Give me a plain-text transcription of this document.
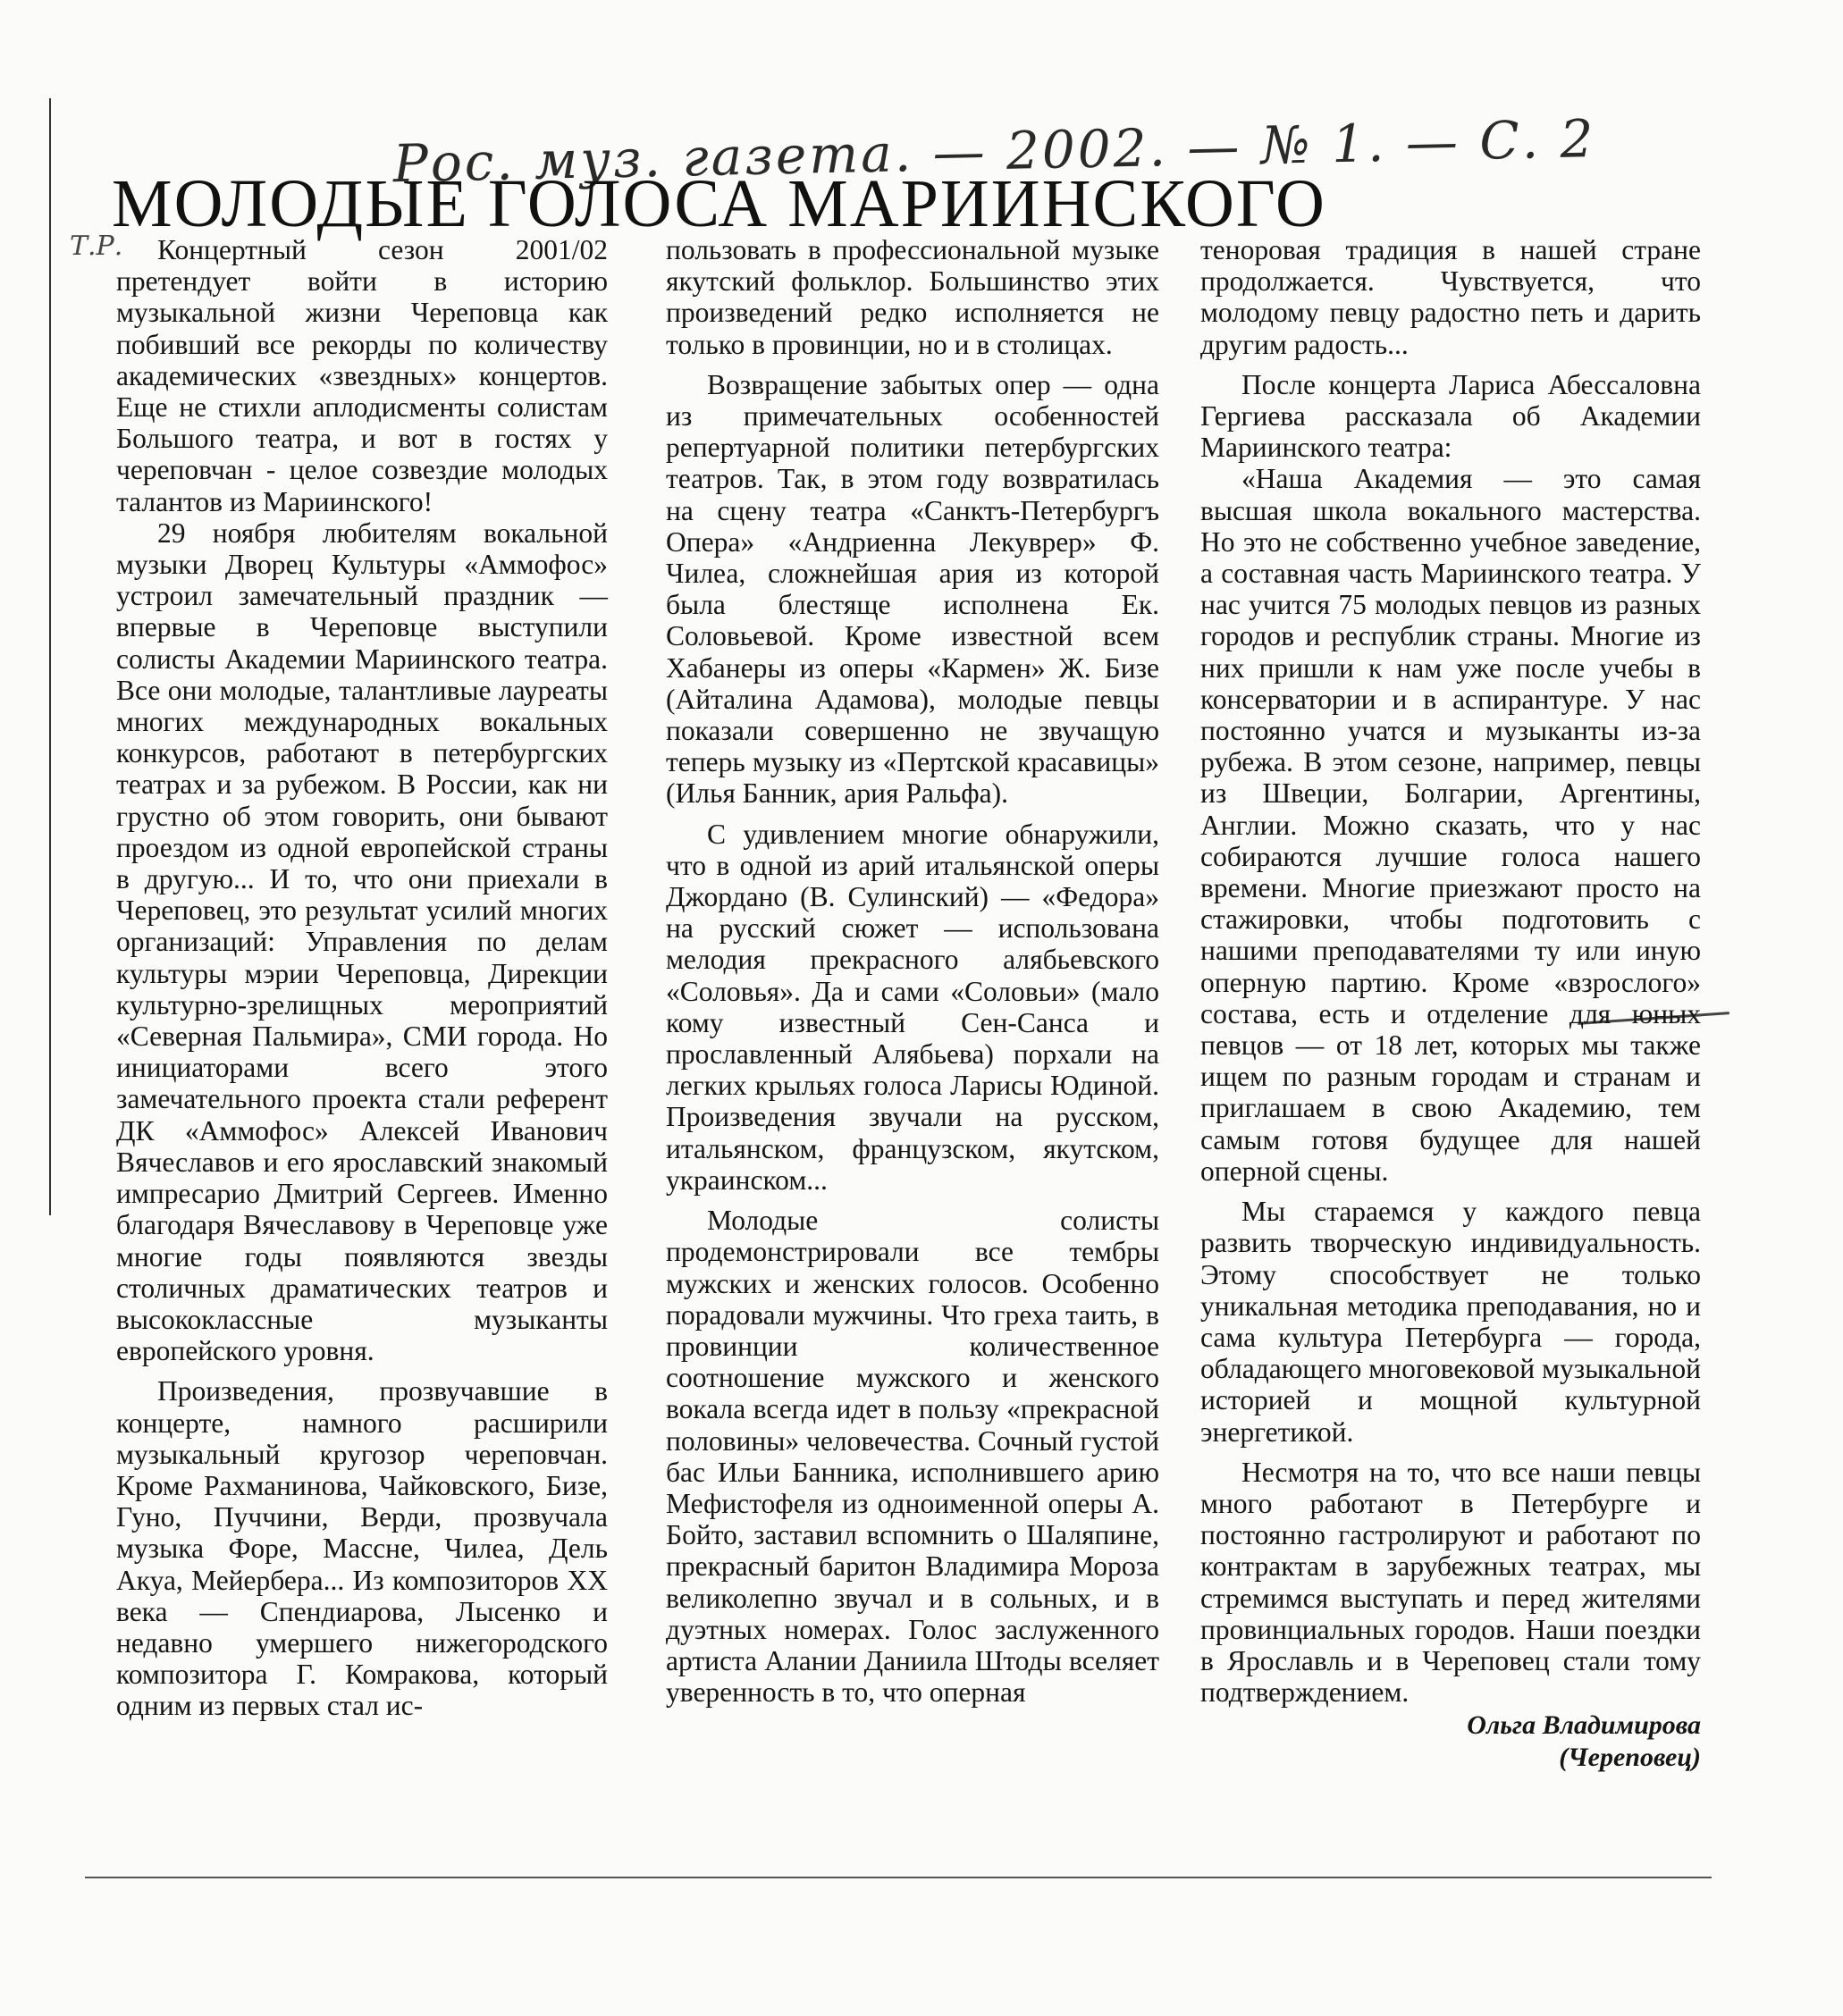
Рос. муз. газета. — 2002. — № 1. — С. 2
Т.Р.
МОЛОДЫЕ ГОЛОСА МАРИИНСКОГО

Концертный сезон 2001/02 претендует войти в историю музыкальной жизни Череповца как побивший все рекорды по количеству академических «звездных» концертов. Еще не стихли аплодисменты солистам Большого театра, и вот в гостях у череповчан - целое созвездие молодых талантов из Мариинского!

29 ноября любителям вокальной музыки Дворец Культуры «Аммофос» устроил замечательный праздник — впервые в Череповце выступили солисты Академии Мариинского театра. Все они молодые, талантливые лауреаты многих международных вокальных конкурсов, работают в петербургских театрах и за рубежом. В России, как ни грустно об этом говорить, они бывают проездом из одной европейской страны в другую... И то, что они приехали в Череповец, это результат усилий многих организаций: Управления по делам культуры мэрии Череповца, Дирекции культурно-зрелищных мероприятий «Северная Пальмира», СМИ города. Но инициаторами всего этого замечательного проекта стали референт ДК «Аммофос» Алексей Иванович Вячеславов и его ярославский знакомый импресарио Дмитрий Сергеев. Именно благодаря Вячеславову в Череповце уже многие годы появляются звезды столичных драматических театров и высококлассные музыканты европейского уровня.

Произведения, прозвучавшие в концерте, намного расширили музыкальный кругозор череповчан. Кроме Рахманинова, Чайковского, Бизе, Гуно, Пуччини, Верди, прозвучала музыка Форе, Массне, Чилеа, Дель Акуа, Мейербера... Из композиторов XX века — Спендиарова, Лысенко и недавно умершего нижегородского композитора Г. Комракова, который одним из первых стал ис-

пользовать в профессиональной музыке якутский фольклор. Большинство этих произведений редко исполняется не только в провинции, но и в столицах.

Возвращение забытых опер — одна из примечательных особенностей репертуарной политики петербургских театров. Так, в этом году возвратилась на сцену театра «Санктъ-Петербургъ Опера» «Андриенна Лекуврер» Ф. Чилеа, сложнейшая ария из которой была блестяще исполнена Ек. Соловьевой. Кроме известной всем Хабанеры из оперы «Кармен» Ж. Бизе (Айталина Адамова), молодые певцы показали совершенно не звучащую теперь музыку из «Пертской красавицы» (Илья Банник, ария Ральфа).

С удивлением многие обнаружили, что в одной из арий итальянской оперы Джордано (В. Сулинский) — «Федора» на русский сюжет — использована мелодия прекрасного алябьевского «Соловья». Да и сами «Соловьи» (мало кому известный Сен-Санса и прославленный Алябьева) порхали на легких крыльях голоса Ларисы Юдиной. Произведения звучали на русском, итальянском, французском, якутском, украинском...

Молодые солисты продемонстрировали все тембры мужских и женских голосов. Особенно порадовали мужчины. Что греха таить, в провинции количественное соотношение мужского и женского вокала всегда идет в пользу «прекрасной половины» человечества. Сочный густой бас Ильи Банника, исполнившего арию Мефистофеля из одноименной оперы А. Бойто, заставил вспомнить о Шаляпине, прекрасный баритон Владимира Мороза великолепно звучал и в сольных, и в дуэтных номерах. Голос заслуженного артиста Алании Даниила Штоды вселяет уверенность в то, что оперная

теноровая традиция в нашей стране продолжается. Чувствуется, что молодому певцу радостно петь и дарить другим радость...

После концерта Лариса Абессаловна Гергиева рассказала об Академии Мариинского театра:

«Наша Академия — это самая высшая школа вокального мастерства. Но это не собственно учебное заведение, а составная часть Мариинского театра. У нас учится 75 молодых певцов из разных городов и республик страны. Многие из них пришли к нам уже после учебы в консерватории и в аспирантуре. У нас постоянно учатся и музыканты из-за рубежа. В этом сезоне, например, певцы из Швеции, Болгарии, Аргентины, Англии. Можно сказать, что у нас собираются лучшие голоса нашего времени. Многие приезжают просто на стажировки, чтобы подготовить с нашими преподавателями ту или иную оперную партию. Кроме «взрослого» состава, есть и отделение для юных певцов — от 18 лет, которых мы также ищем по разным городам и странам и приглашаем в свою Академию, тем самым готовя будущее для нашей оперной сцены.

Мы стараемся у каждого певца развить творческую индивидуальность. Этому способствует не только уникальная методика преподавания, но и сама культура Петербурга — города, обладающего многовековой музыкальной историей и мощной культурной энергетикой.

Несмотря на то, что все наши певцы много работают в Петербурге и постоянно гастролируют и работают по контрактам в зарубежных театрах, мы стремимся выступать и перед жителями провинциальных городов. Наши поездки в Ярославль и в Череповец стали тому подтверждением.

Ольга Владимирова
(Череповец)
